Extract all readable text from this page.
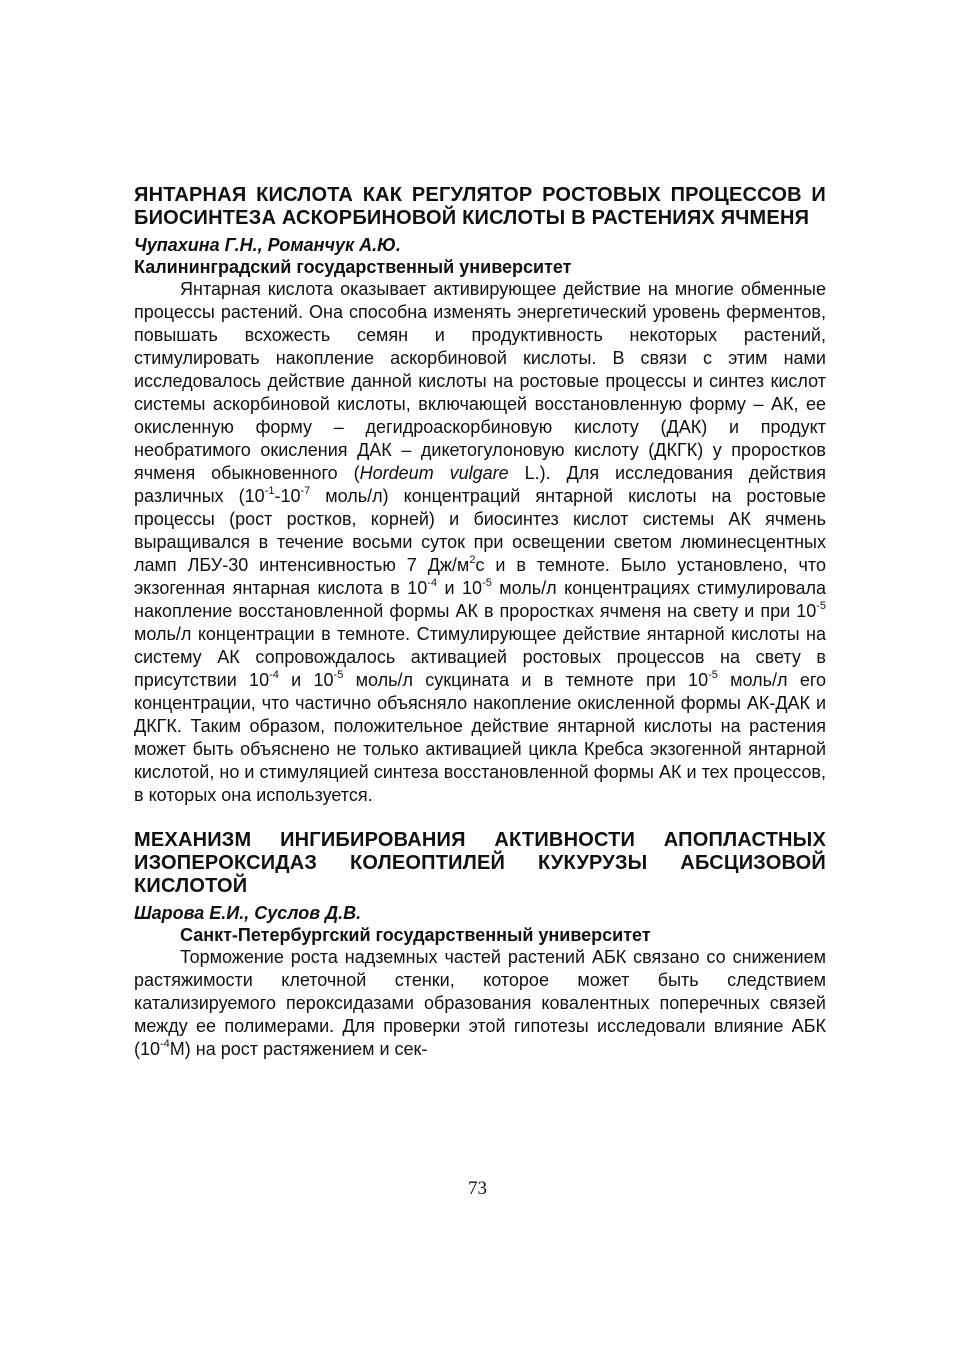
ЯНТАРНАЯ КИСЛОТА КАК РЕГУЛЯТОР РОСТОВЫХ ПРОЦЕССОВ И БИОСИНТЕЗА АСКОРБИНОВОЙ КИСЛОТЫ В РАСТЕНИЯХ ЯЧМЕНЯ

Чупахина Г.Н., Романчук А.Ю.

Калининградский государственный университет

Янтарная кислота оказывает активирующее действие на многие обменные процессы растений. Она способна изменять энергетический уровень ферментов, повышать всхожесть семян и продуктивность некоторых растений, стимулировать накопление аскорбиновой кислоты. В связи с этим нами исследовалось действие данной кислоты на ростовые процессы и синтез кислот системы аскорбиновой кислоты, включающей восстановленную форму – АК, ее окисленную форму – дегидроаскорбиновую кислоту (ДАК) и продукт необратимого окисления ДАК – дикетогулоновую кислоту (ДКГК) у проростков ячменя обыкновенного (Hordeum vulgare L.). Для исследования действия различных ($10^{-1}-10^{-7}$ моль/л) концентраций янтарной кислоты на ростовые процессы (рост ростков, корней) и биосинтез кислот системы АК ячмень выращивался в течение восьми суток при освещении светом люминесцентных ламп ЛБУ-30 интенсивностью 7 $Дж/м^2с$ и в темноте. Было установлено, что экзогенная янтарная кислота в $10^{-4}$ и $10^{-5}$ моль/л концентрациях стимулировала накопление восстановленной формы АК в проростках ячменя на свету и при $10^{-5}$ моль/л концентрации в темноте. Стимулирующее действие янтарной кислоты на систему АК сопровождалось активацией ростовых процессов на свету в присутствии $10^{-4}$ и $10^{-5}$ моль/л сукцината и в темноте при $10^{-5}$ моль/л его концентрации, что частично объясняло накопление окисленной формы АК-ДАК и ДКГК. Таким образом, положительное действие янтарной кислоты на растения может быть объяснено не только активацией цикла Кребса экзогенной янтарной кислотой, но и стимуляцией синтеза восстановленной формы АК и тех процессов, в которых она используется.

МЕХАНИЗМ ИНГИБИРОВАНИЯ АКТИВНОСТИ АПОПЛАСТНЫХ ИЗОПЕРОКСИДАЗ КОЛЕОПТИЛЕЙ КУКУРУЗЫ АБСЦИЗОВОЙ КИСЛОТОЙ

Шарова Е.И., Суслов Д.В.

Санкт-Петербургский государственный университет

Торможение роста надземных частей растений АБК связано со снижением растяжимости клеточной стенки, которое может быть следствием катализируемого пероксидазами образования ковалентных поперечных связей между ее полимерами. Для проверки этой гипотезы исследовали влияние АБК $(10^{-4}М)$ на рост растяжением и сек-

73
